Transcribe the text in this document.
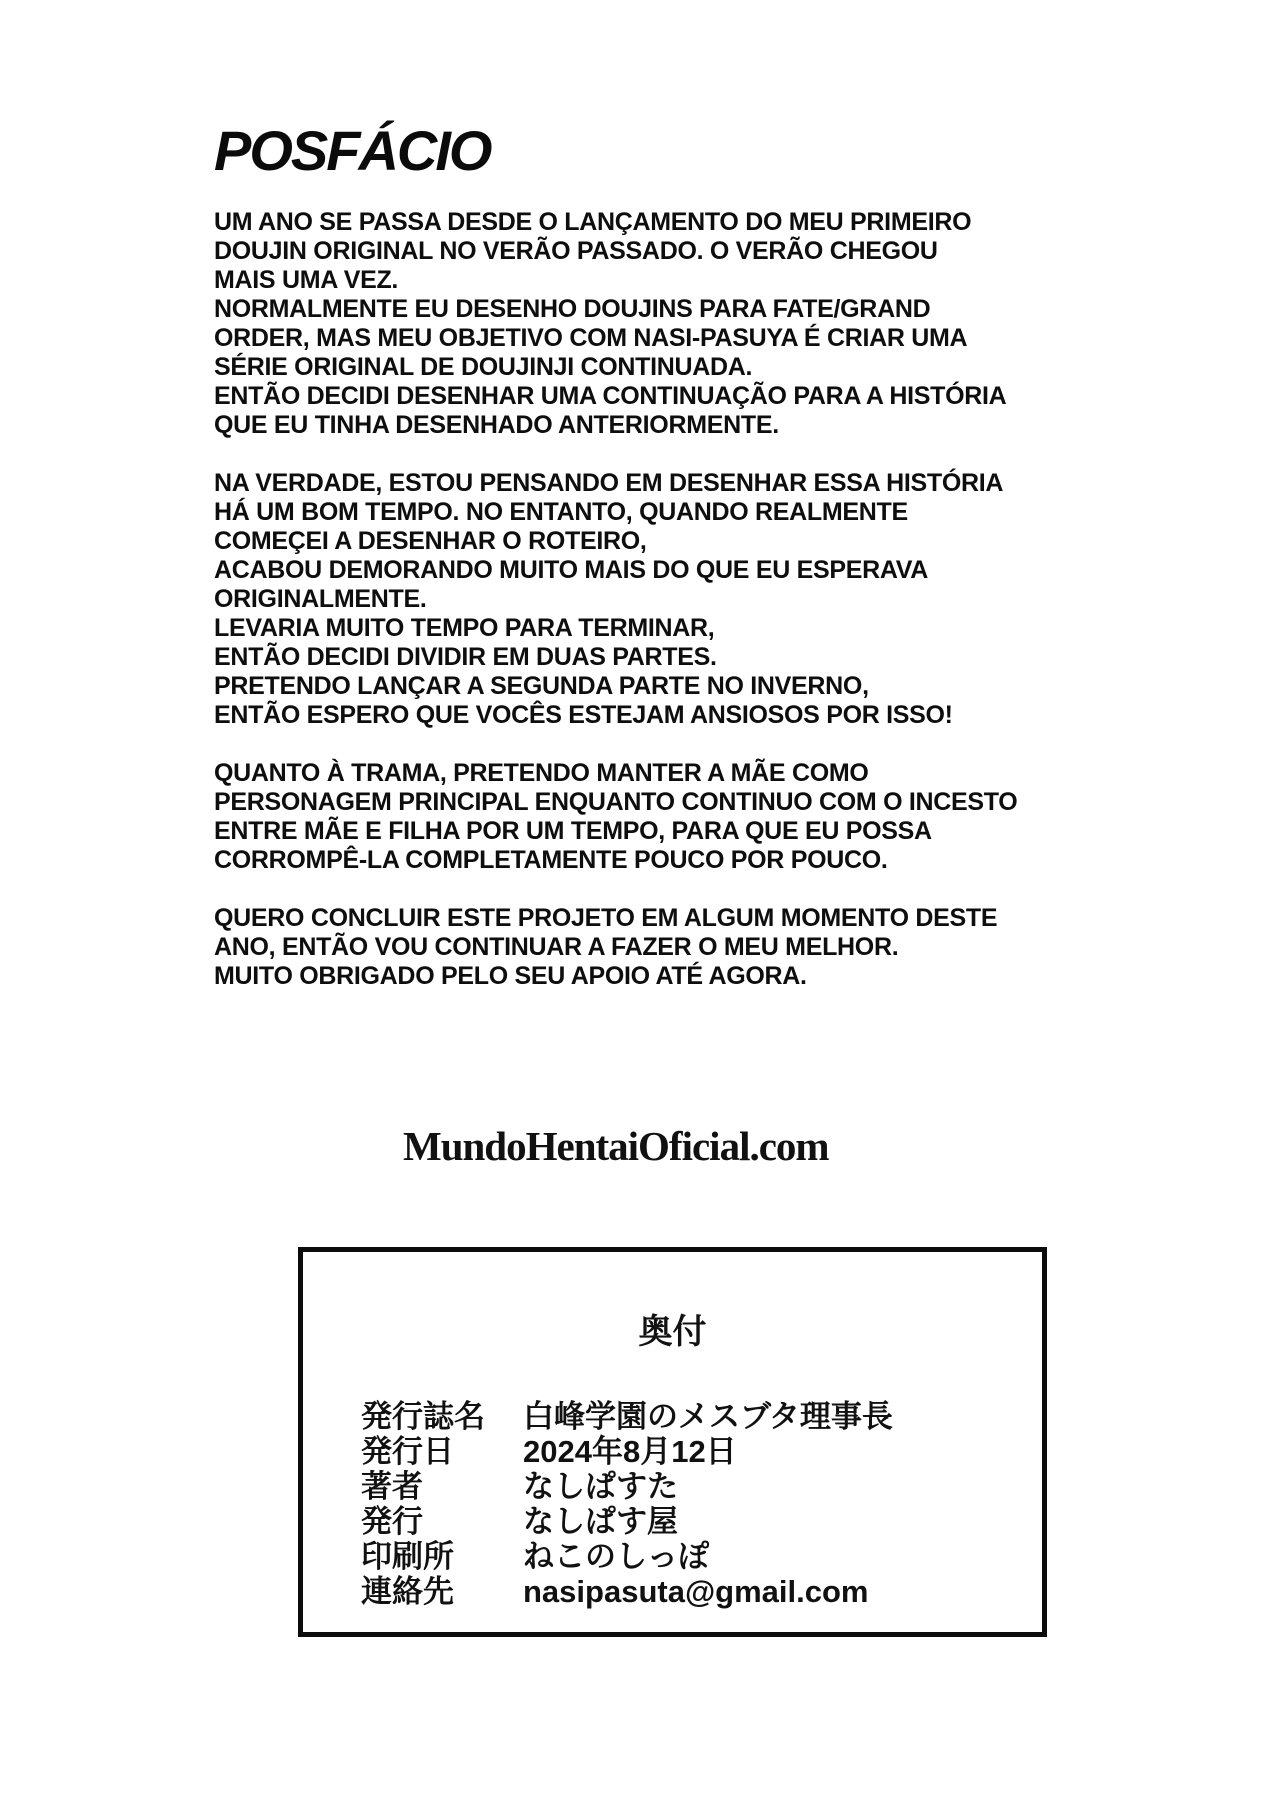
POSFÁCIO
UM ANO SE PASSA DESDE O LANÇAMENTO DO MEU PRIMEIRO
DOUJIN ORIGINAL NO VERÃO PASSADO. O VERÃO CHEGOU
MAIS UMA VEZ.
NORMALMENTE EU DESENHO DOUJINS PARA FATE/GRAND
ORDER, MAS MEU OBJETIVO COM NASI-PASUYA É CRIAR UMA
SÉRIE ORIGINAL DE DOUJINJI CONTINUADA.
ENTÃO DECIDI DESENHAR UMA CONTINUAÇÃO PARA A HISTÓRIA
QUE EU TINHA DESENHADO ANTERIORMENTE.
NA VERDADE, ESTOU PENSANDO EM DESENHAR ESSA HISTÓRIA
HÁ UM BOM TEMPO. NO ENTANTO, QUANDO REALMENTE
COMEÇEI A DESENHAR O ROTEIRO,
ACABOU DEMORANDO MUITO MAIS DO QUE EU ESPERAVA
ORIGINALMENTE.
LEVARIA MUITO TEMPO PARA TERMINAR,
ENTÃO DECIDI DIVIDIR EM DUAS PARTES.
PRETENDO LANÇAR A SEGUNDA PARTE NO INVERNO,
ENTÃO ESPERO QUE VOCÊS ESTEJAM ANSIOSOS POR ISSO!
QUANTO À TRAMA, PRETENDO MANTER A MÃE COMO
PERSONAGEM PRINCIPAL ENQUANTO CONTINUO COM O INCESTO
ENTRE MÃE E FILHA POR UM TEMPO, PARA QUE EU POSSA
CORROMPÊ-LA COMPLETAMENTE POUCO POR POUCO.
QUERO CONCLUIR ESTE PROJETO EM ALGUM MOMENTO DESTE
ANO, ENTÃO VOU CONTINUAR A FAZER O MEU MELHOR.
MUITO OBRIGADO PELO SEU APOIO ATÉ AGORA.
MundoHentaiOficial.com
奥付
発行誌名	白峰学園のメスブタ理事長
発行日	2024年8月12日
著者	なしぱすた
発行	なしぱす屋
印刷所	ねこのしっぽ
連絡先	nasipasuta@gmail.com
